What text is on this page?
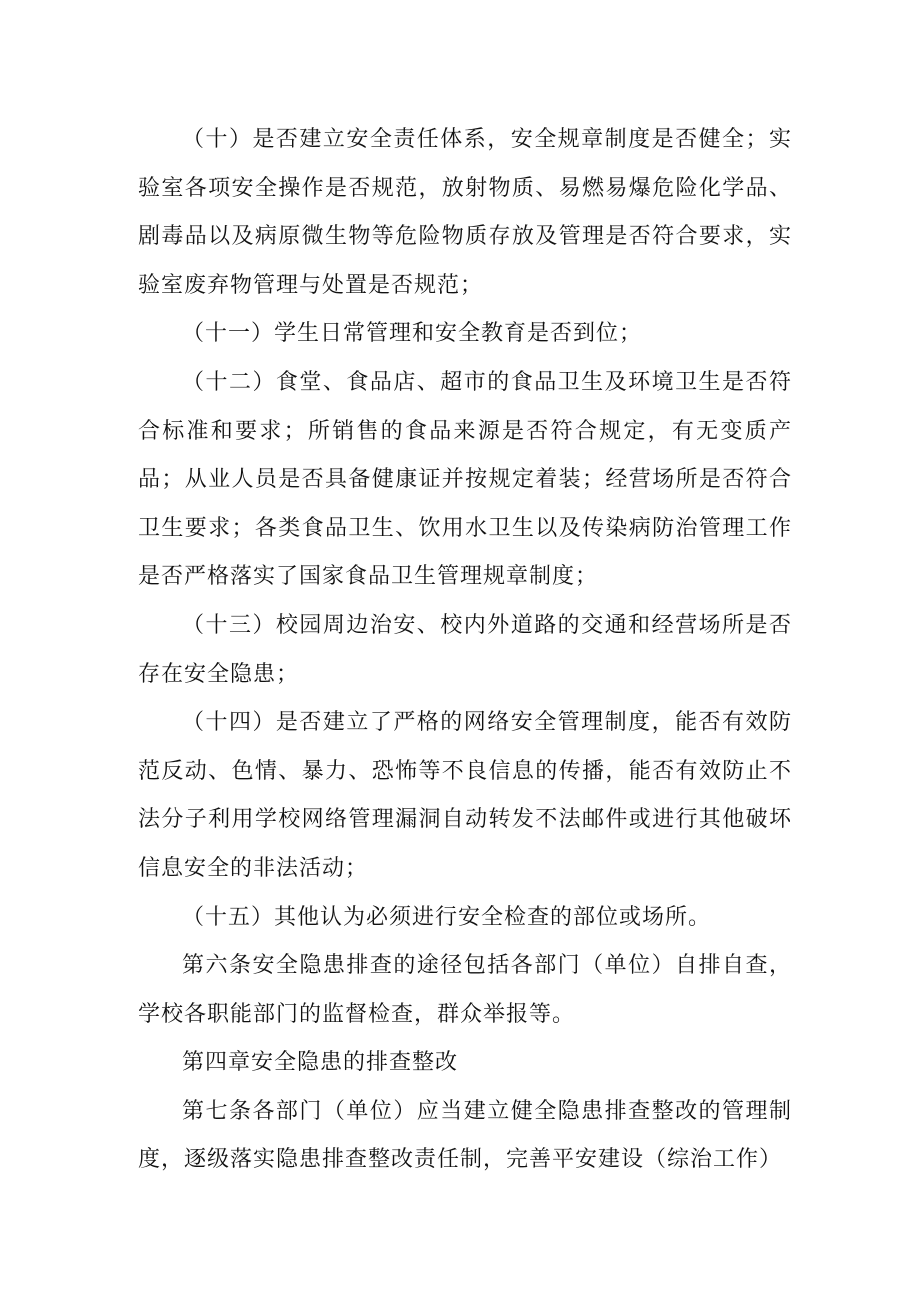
（十）是否建立安全责任体系，安全规章制度是否健全；实验室各项安全操作是否规范，放射物质、易燃易爆危险化学品、剧毒品以及病原微生物等危险物质存放及管理是否符合要求，实验室废弃物管理与处置是否规范；

（十一）学生日常管理和安全教育是否到位；

（十二）食堂、食品店、超市的食品卫生及环境卫生是否符合标准和要求；所销售的食品来源是否符合规定，有无变质产品；从业人员是否具备健康证并按规定着装；经营场所是否符合卫生要求；各类食品卫生、饮用水卫生以及传染病防治管理工作是否严格落实了国家食品卫生管理规章制度；

（十三）校园周边治安、校内外道路的交通和经营场所是否存在安全隐患；

（十四）是否建立了严格的网络安全管理制度，能否有效防范反动、色情、暴力、恐怖等不良信息的传播，能否有效防止不法分子利用学校网络管理漏洞自动转发不法邮件或进行其他破坏信息安全的非法活动；

（十五）其他认为必须进行安全检查的部位或场所。

第六条安全隐患排查的途径包括各部门（单位）自排自查，学校各职能部门的监督检查，群众举报等。

第四章安全隐患的排查整改

第七条各部门（单位）应当建立健全隐患排查整改的管理制度，逐级落实隐患排查整改责任制，完善平安建设（综治工作）
